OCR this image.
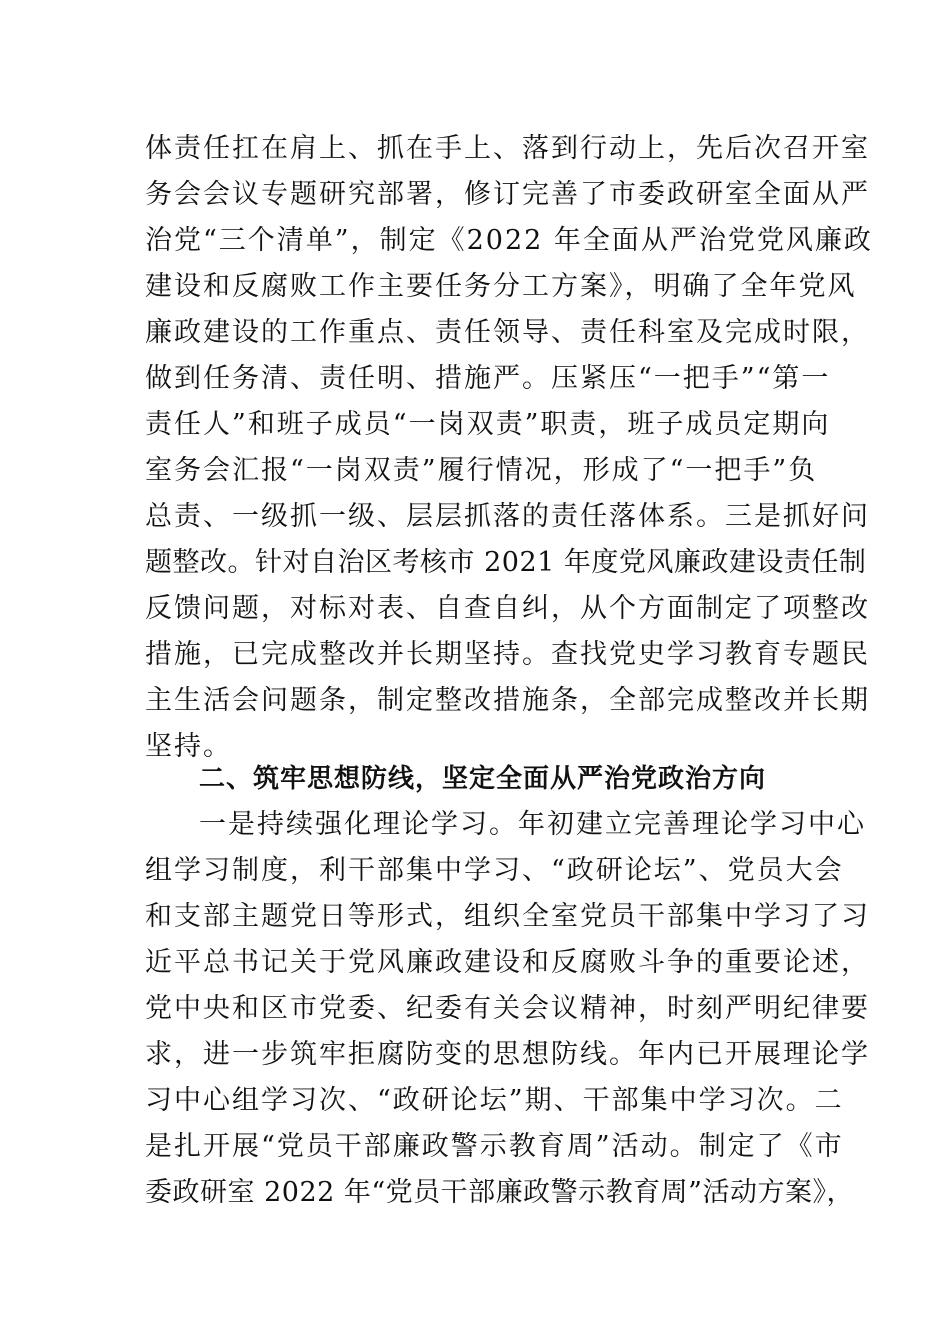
体责任扛在肩上、抓在手上、落到行动上，先后次召开室
务会会议专题研究部署，修订完善了市委政研室全面从严
治党“三个清单”，制定《2022 年全面从严治党党风廉政
建设和反腐败工作主要任务分工方案》，明确了全年党风
廉政建设的工作重点、责任领导、责任科室及完成时限，
做到任务清、责任明、措施严。压紧压“一把手”“第一
责任人”和班子成员“一岗双责”职责，班子成员定期向
室务会汇报“一岗双责”履行情况，形成了“一把手”负
总责、一级抓一级、层层抓落的责任落体系。三是抓好问
题整改。针对自治区考核市 2021 年度党风廉政建设责任制
反馈问题，对标对表、自查自纠，从个方面制定了项整改
措施，已完成整改并长期坚持。查找党史学习教育专题民
主生活会问题条，制定整改措施条，全部完成整改并长期
坚持。
二、筑牢思想防线，坚定全面从严治党政治方向
一是持续强化理论学习。年初建立完善理论学习中心
组学习制度，利干部集中学习、“政研论坛”、党员大会
和支部主题党日等形式，组织全室党员干部集中学习了习
近平总书记关于党风廉政建设和反腐败斗争的重要论述，
党中央和区市党委、纪委有关会议精神，时刻严明纪律要
求，进一步筑牢拒腐防变的思想防线。年内已开展理论学
习中心组学习次、“政研论坛”期、干部集中学习次。二
是扎开展“党员干部廉政警示教育周”活动。制定了《市
委政研室 2022 年“党员干部廉政警示教育周”活动方案》，
